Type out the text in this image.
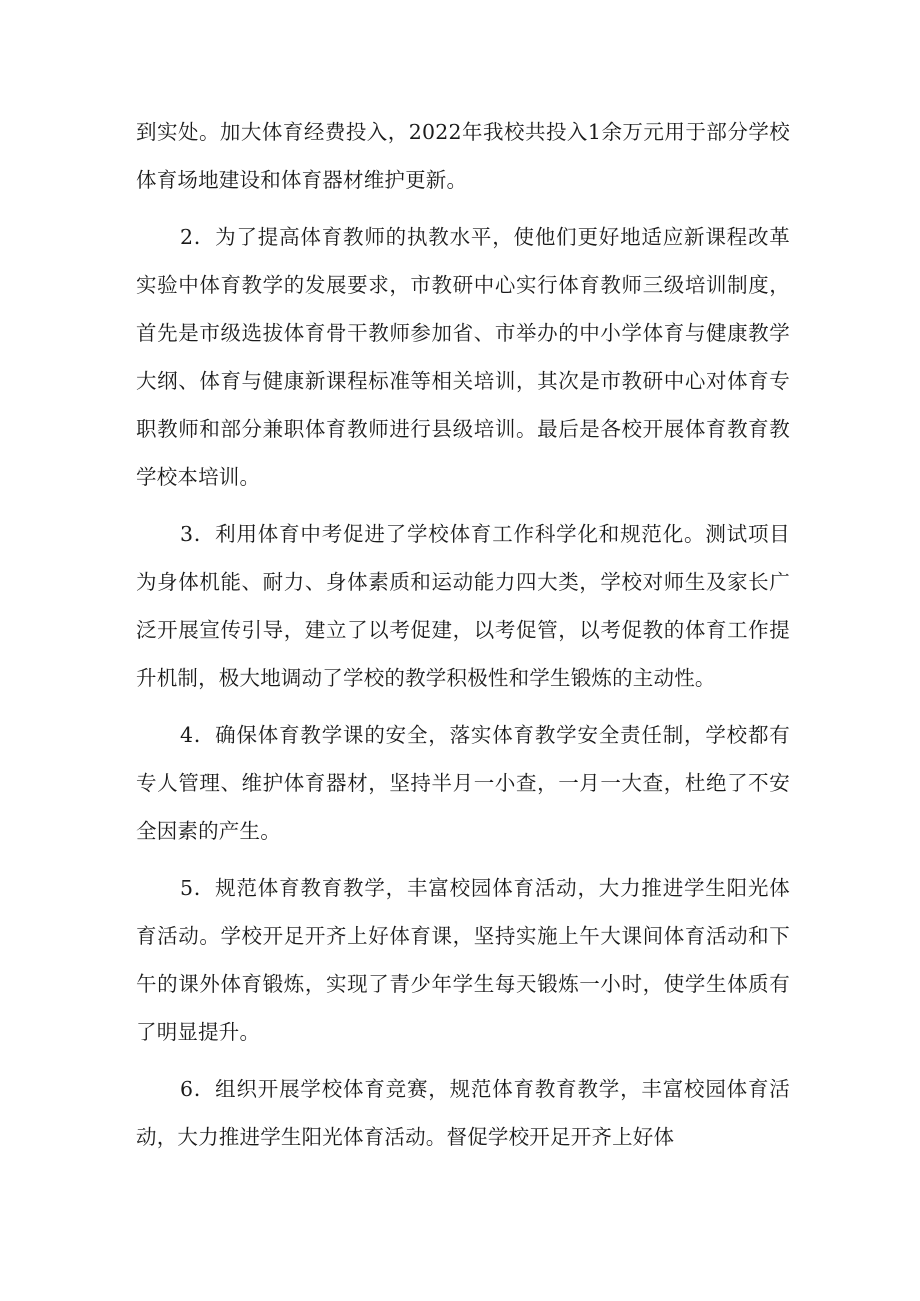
到实处。加大体育经费投入，2022年我校共投入1余万元用于部分学校体育场地建设和体育器材维护更新。

2．为了提高体育教师的执教水平，使他们更好地适应新课程改革实验中体育教学的发展要求，市教研中心实行体育教师三级培训制度，首先是市级选拔体育骨干教师参加省、市举办的中小学体育与健康教学大纲、体育与健康新课程标准等相关培训，其次是市教研中心对体育专职教师和部分兼职体育教师进行县级培训。最后是各校开展体育教育教学校本培训。

3．利用体育中考促进了学校体育工作科学化和规范化。测试项目为身体机能、耐力、身体素质和运动能力四大类，学校对师生及家长广泛开展宣传引导，建立了以考促建，以考促管，以考促教的体育工作提升机制，极大地调动了学校的教学积极性和学生锻炼的主动性。

4．确保体育教学课的安全，落实体育教学安全责任制，学校都有专人管理、维护体育器材，坚持半月一小查，一月一大查，杜绝了不安全因素的产生。

5．规范体育教育教学，丰富校园体育活动，大力推进学生阳光体育活动。学校开足开齐上好体育课，坚持实施上午大课间体育活动和下午的课外体育锻炼，实现了青少年学生每天锻炼一小时，使学生体质有了明显提升。

6．组织开展学校体育竞赛，规范体育教育教学，丰富校园体育活动，大力推进学生阳光体育活动。督促学校开足开齐上好体
